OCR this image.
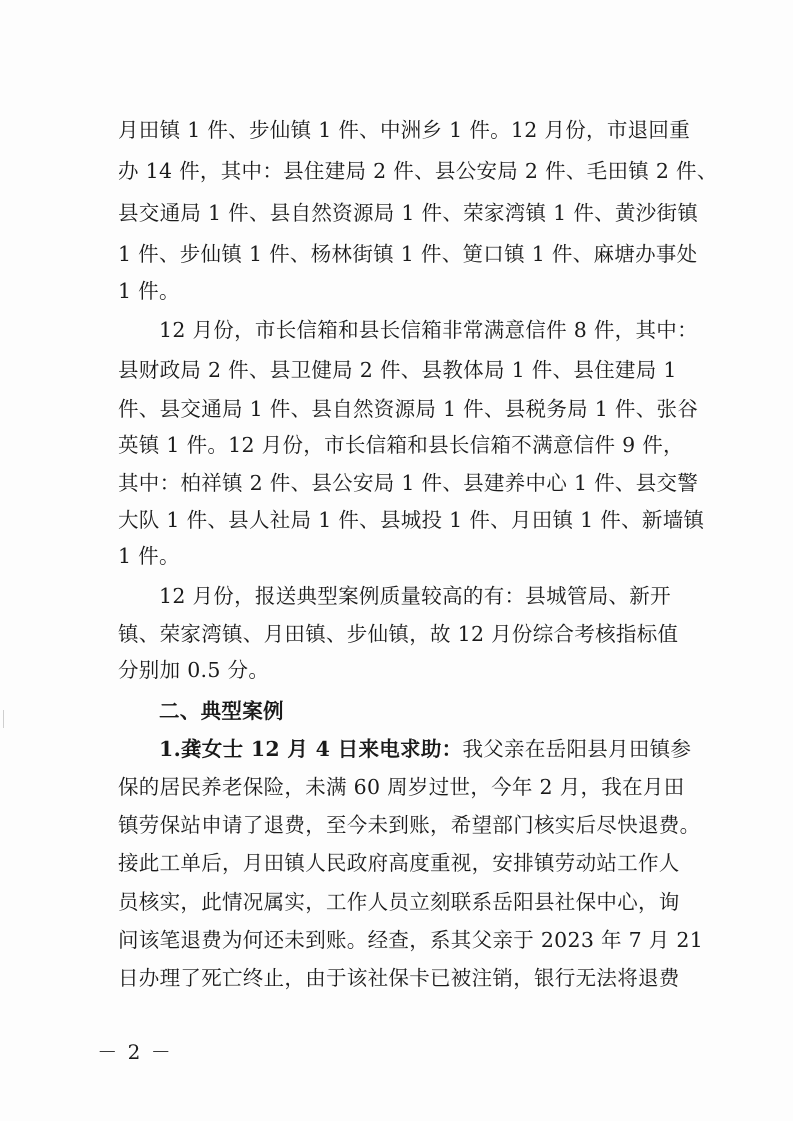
月田镇 1 件、步仙镇 1 件、中洲乡 1 件。12 月份，市退回重
办 14 件，其中：县住建局 2 件、县公安局 2 件、毛田镇 2 件、
县交通局 1 件、县自然资源局 1 件、荣家湾镇 1 件、黄沙街镇
1 件、步仙镇 1 件、杨林街镇 1 件、筻口镇 1 件、麻塘办事处
1 件。
12 月份，市长信箱和县长信箱非常满意信件 8 件，其中：
县财政局 2 件、县卫健局 2 件、县教体局 1 件、县住建局 1
件、县交通局 1 件、县自然资源局 1 件、县税务局 1 件、张谷
英镇 1 件。12 月份，市长信箱和县长信箱不满意信件 9 件，
其中：柏祥镇 2 件、县公安局 1 件、县建养中心 1 件、县交警
大队 1 件、县人社局 1 件、县城投 1 件、月田镇 1 件、新墙镇
1 件。
12 月份，报送典型案例质量较高的有：县城管局、新开
镇、荣家湾镇、月田镇、步仙镇，故 12 月份综合考核指标值
分别加 0.5 分。
二、典型案例
1.龚女士 12 月 4 日来电求助：我父亲在岳阳县月田镇参
保的居民养老保险，未满 60 周岁过世，今年 2 月，我在月田
镇劳保站申请了退费，至今未到账，希望部门核实后尽快退费。
接此工单后，月田镇人民政府高度重视，安排镇劳动站工作人
员核实，此情况属实，工作人员立刻联系岳阳县社保中心，询
问该笔退费为何还未到账。经查，系其父亲于 2023 年 7 月 21
日办理了死亡终止，由于该社保卡已被注销，银行无法将退费
－ 2 －
